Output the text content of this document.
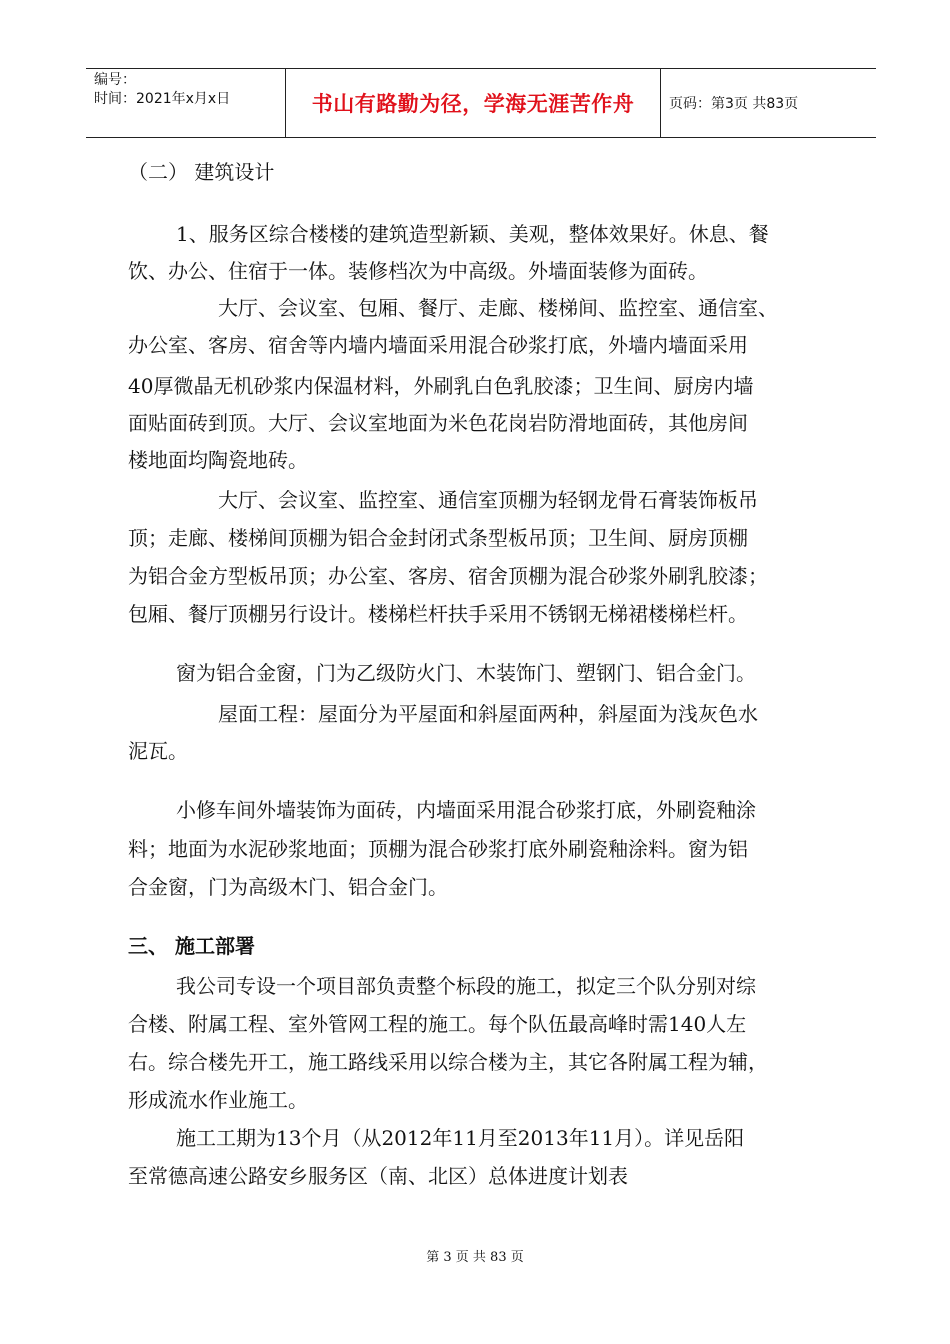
编号：
时间：2021年x月x日	书山有路勤为径，学海无涯苦作舟	页码：第3页 共83页
（二） 建筑设计
1、服务区综合楼楼的建筑造型新颖、美观，整体效果好。休息、餐
饮、办公、住宿于一体。装修档次为中高级。外墙面装修为面砖。
大厅、会议室、包厢、餐厅、走廊、楼梯间、监控室、通信室、
办公室、客房、宿舍等内墙内墙面采用混合砂浆打底，外墙内墙面采用
40厚微晶无机砂浆内保温材料，外刷乳白色乳胶漆；卫生间、厨房内墙
面贴面砖到顶。大厅、会议室地面为米色花岗岩防滑地面砖，其他房间
楼地面均陶瓷地砖。
大厅、会议室、监控室、通信室顶棚为轻钢龙骨石膏装饰板吊
顶；走廊、楼梯间顶棚为铝合金封闭式条型板吊顶；卫生间、厨房顶棚
为铝合金方型板吊顶；办公室、客房、宿舍顶棚为混合砂浆外刷乳胶漆；
包厢、餐厅顶棚另行设计。楼梯栏杆扶手采用不锈钢无梯裙楼梯栏杆。
窗为铝合金窗，门为乙级防火门、木装饰门、塑钢门、铝合金门。
屋面工程：屋面分为平屋面和斜屋面两种，斜屋面为浅灰色水
泥瓦。
小修车间外墙装饰为面砖，内墙面采用混合砂浆打底，外刷瓷釉涂
料；地面为水泥砂浆地面；顶棚为混合砂浆打底外刷瓷釉涂料。窗为铝
合金窗，门为高级木门、铝合金门。
三、 施工部署
我公司专设一个项目部负责整个标段的施工，拟定三个队分别对综
合楼、附属工程、室外管网工程的施工。每个队伍最高峰时需140人左
右。综合楼先开工，施工路线采用以综合楼为主，其它各附属工程为辅，
形成流水作业施工。
施工工期为13个月（从2012年11月至2013年11月）。详见岳阳
至常德高速公路安乡服务区（南、北区）总体进度计划表
第 3 页 共 83 页
